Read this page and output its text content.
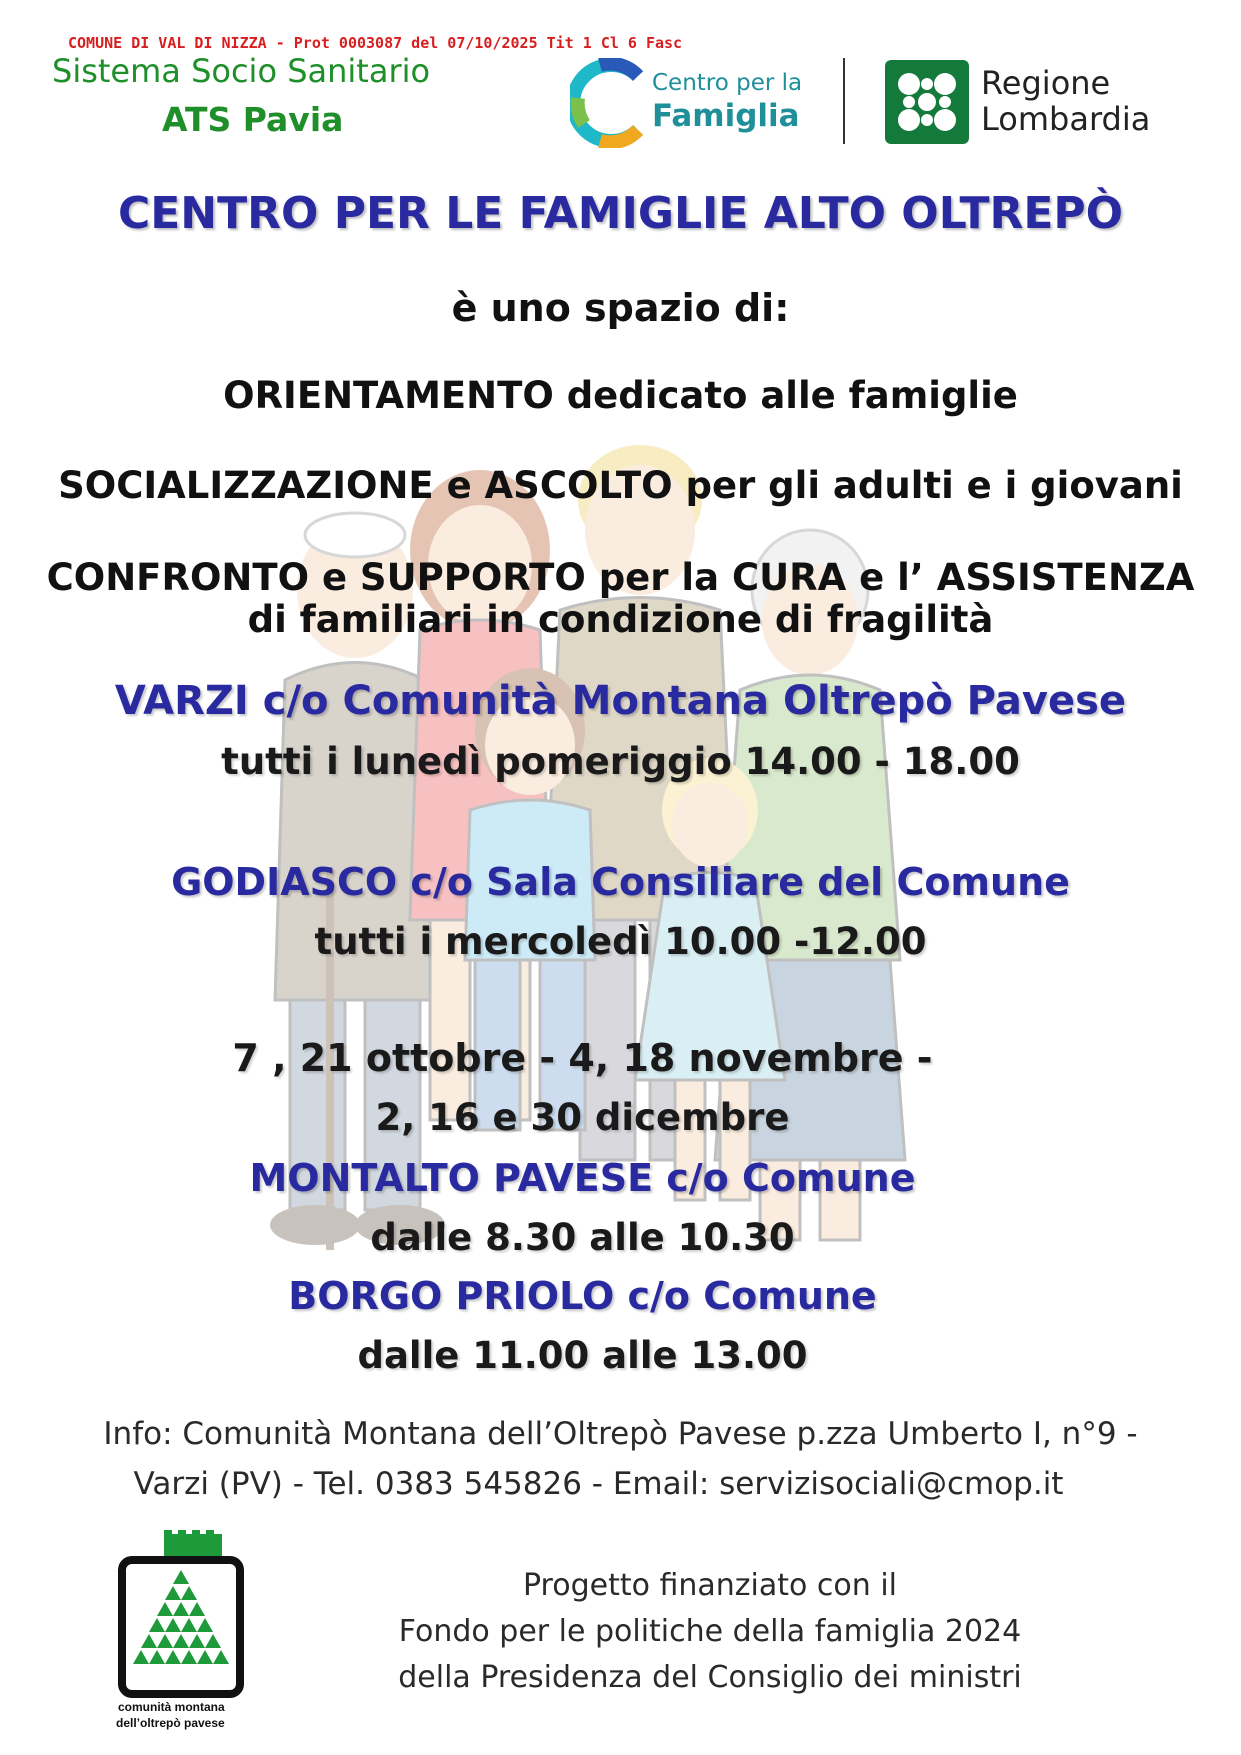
COMUNE DI VAL DI NIZZA - Prot 0003087 del 07/10/2025 Tit 1 Cl 6 Fasc
Sistema Socio Sanitario
ATS Pavia
Centro per la
Famiglia
Regione
Lombardia
CENTRO PER LE FAMIGLIE ALTO OLTREPÒ
è uno spazio di:
ORIENTAMENTO dedicato alle famiglie
SOCIALIZZAZIONE e ASCOLTO per gli adulti e i giovani
CONFRONTO e SUPPORTO per la CURA e l’ ASSISTENZA
di familiari in condizione di fragilità
VARZI c/o Comunità Montana Oltrepò Pavese
tutti i lunedì pomeriggio 14.00 - 18.00
GODIASCO c/o Sala Consiliare del Comune
tutti i mercoledì 10.00 -12.00
7 , 21 ottobre - 4, 18 novembre -
2, 16 e 30 dicembre
MONTALTO PAVESE c/o Comune
dalle 8.30 alle 10.30
BORGO PRIOLO c/o Comune
dalle 11.00 alle 13.00
Info: Comunità Montana dell’Oltrepò Pavese p.zza Umberto I, n°9 -
Varzi (PV) - Tel. 0383 545826 - Email: servizisociali@cmop.it
comunità montana
dell’oltrepò pavese
Progetto finanziato con il
Fondo per le politiche della famiglia 2024
della Presidenza del Consiglio dei ministri
